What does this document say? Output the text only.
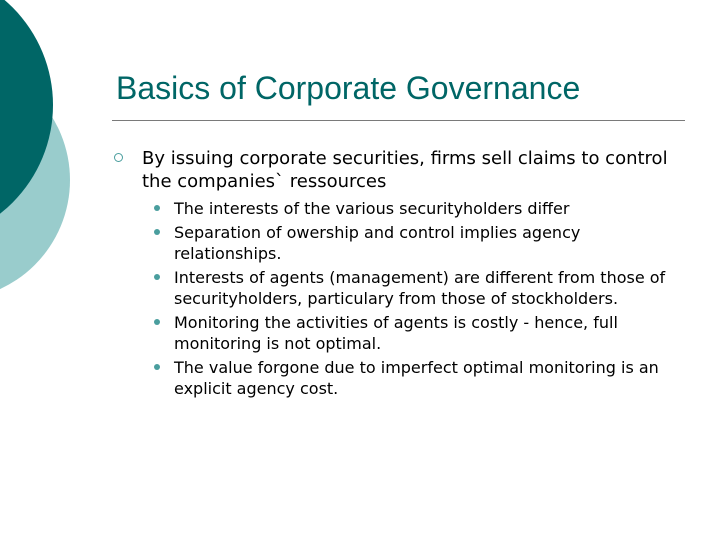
Basics of Corporate Governance
By issuing corporate securities, firms sell claims to control the companies` ressources
The interests of the various securityholders differ
Separation of owership and control implies agency relationships.
Interests of agents (management) are different from those of securityholders, particulary from those of stockholders.
Monitoring the activities of agents is costly - hence, full monitoring is not optimal.
The value forgone due to imperfect optimal monitoring is an explicit agency cost.
